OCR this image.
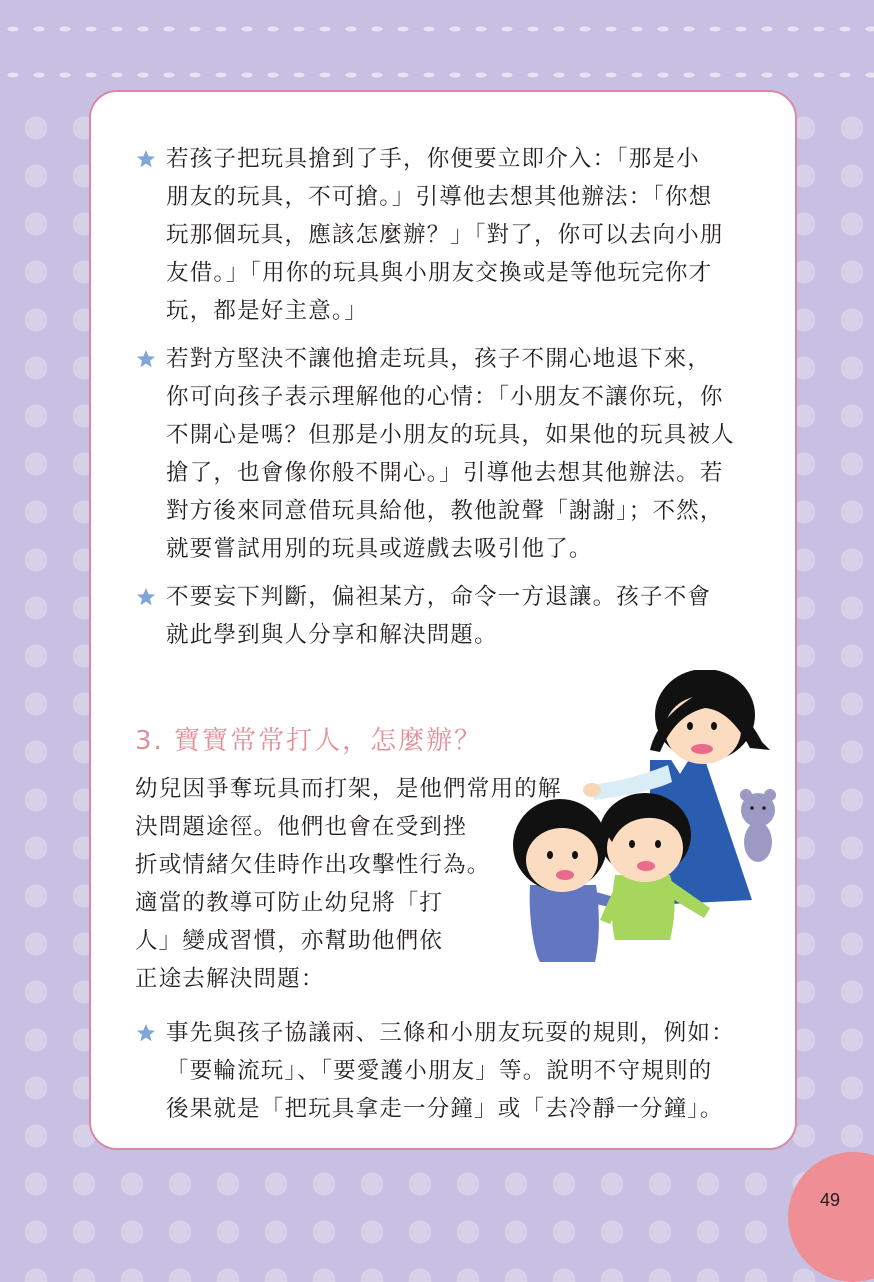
若孩子把玩具搶到了手，你便要立即介入：「那是小
朋友的玩具，不可搶。」引導他去想其他辦法：「你想
玩那個玩具，應該怎麼辦？」「對了，你可以去向小朋
友借。」「用你的玩具與小朋友交換或是等他玩完你才
玩，都是好主意。」
若對方堅決不讓他搶走玩具，孩子不開心地退下來，
你可向孩子表示理解他的心情：「小朋友不讓你玩，你
不開心是嗎？但那是小朋友的玩具，如果他的玩具被人
搶了，也會像你般不開心。」引導他去想其他辦法。若
對方後來同意借玩具給他，教他說聲「謝謝」；不然，
就要嘗試用別的玩具或遊戲去吸引他了。
不要妄下判斷，偏袒某方，命令一方退讓。孩子不會
就此學到與人分享和解決問題。
3. 寶寶常常打人，怎麼辦？
幼兒因爭奪玩具而打架，是他們常用的解
決問題途徑。他們也會在受到挫
折或情緒欠佳時作出攻擊性行為。
適當的教導可防止幼兒將「打
人」變成習慣，亦幫助他們依
正途去解決問題：
事先與孩子協議兩、三條和小朋友玩耍的規則，例如：
「要輪流玩」、「要愛護小朋友」等。說明不守規則的
後果就是「把玩具拿走一分鐘」或「去冷靜一分鐘」。
49
